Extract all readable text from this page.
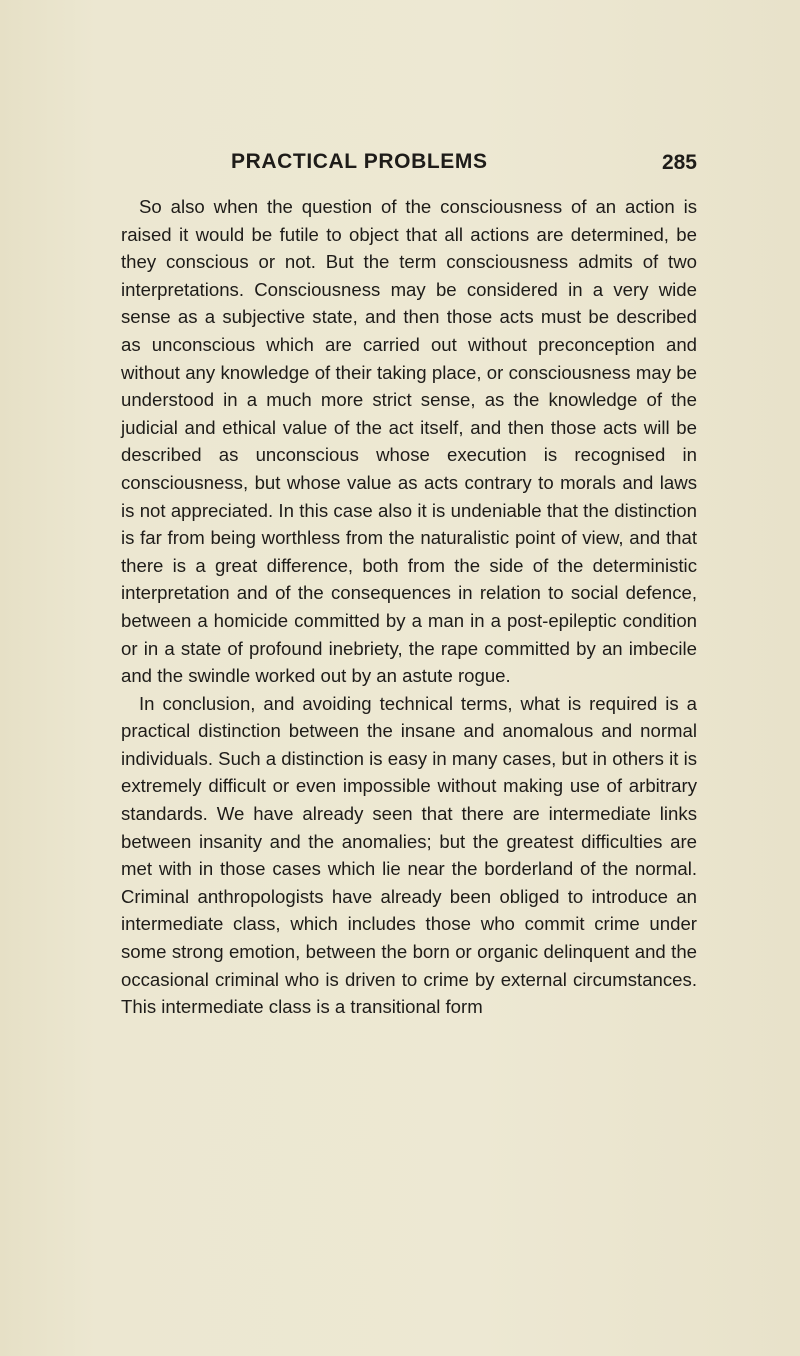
PRACTICAL PROBLEMS	285

So also when the question of the consciousness of an action is raised it would be futile to object that all actions are determined, be they conscious or not. But the term consciousness admits of two interpretations. Consciousness may be considered in a very wide sense as a subjective state, and then those acts must be described as unconscious which are carried out without preconception and without any knowledge of their taking place, or consciousness may be understood in a much more strict sense, as the knowledge of the judicial and ethical value of the act itself, and then those acts will be described as unconscious whose execution is recognised in consciousness, but whose value as acts contrary to morals and laws is not appreciated. In this case also it is undeniable that the distinction is far from being worthless from the naturalistic point of view, and that there is a great difference, both from the side of the deterministic interpretation and of the consequences in relation to social defence, between a homicide committed by a man in a post-epileptic condition or in a state of profound inebriety, the rape committed by an imbecile and the swindle worked out by an astute rogue.

In conclusion, and avoiding technical terms, what is required is a practical distinction between the insane and anomalous and normal individuals. Such a distinction is easy in many cases, but in others it is extremely difficult or even impossible without making use of arbitrary standards. We have already seen that there are intermediate links between insanity and the anomalies; but the greatest difficulties are met with in those cases which lie near the borderland of the normal. Criminal anthropologists have already been obliged to introduce an intermediate class, which includes those who commit crime under some strong emotion, between the born or organic delinquent and the occasional criminal who is driven to crime by external circumstances. This intermediate class is a transitional form
